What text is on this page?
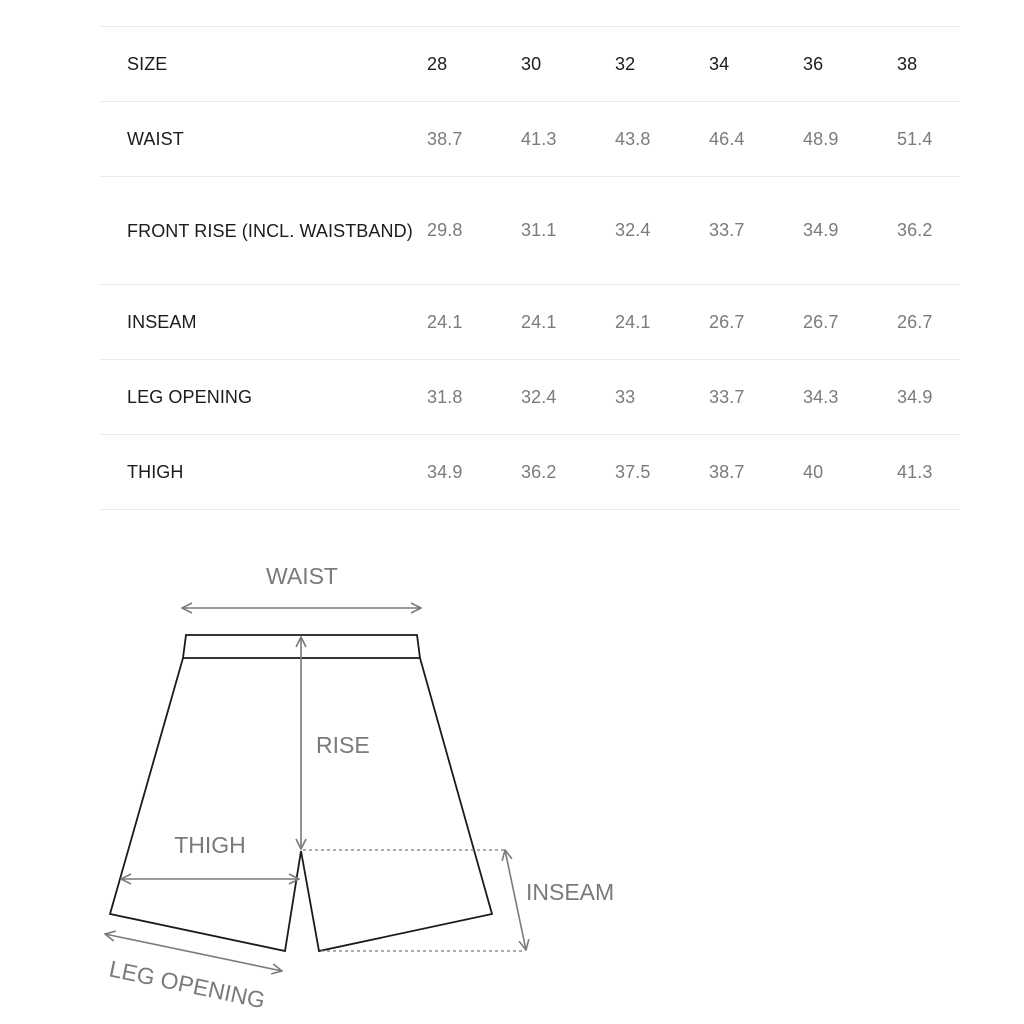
SIZE	28	30	32	34	36	38
WAIST	38.7	41.3	43.8	46.4	48.9	51.4
FRONT RISE (INCL. WAISTBAND)	29.8	31.1	32.4	33.7	34.9	36.2
INSEAM	24.1	24.1	24.1	26.7	26.7	26.7
LEG OPENING	31.8	32.4	33	33.7	34.3	34.9
THIGH	34.9	36.2	37.5	38.7	40	41.3
WAIST
RISE
THIGH
INSEAM
LEG OPENING
